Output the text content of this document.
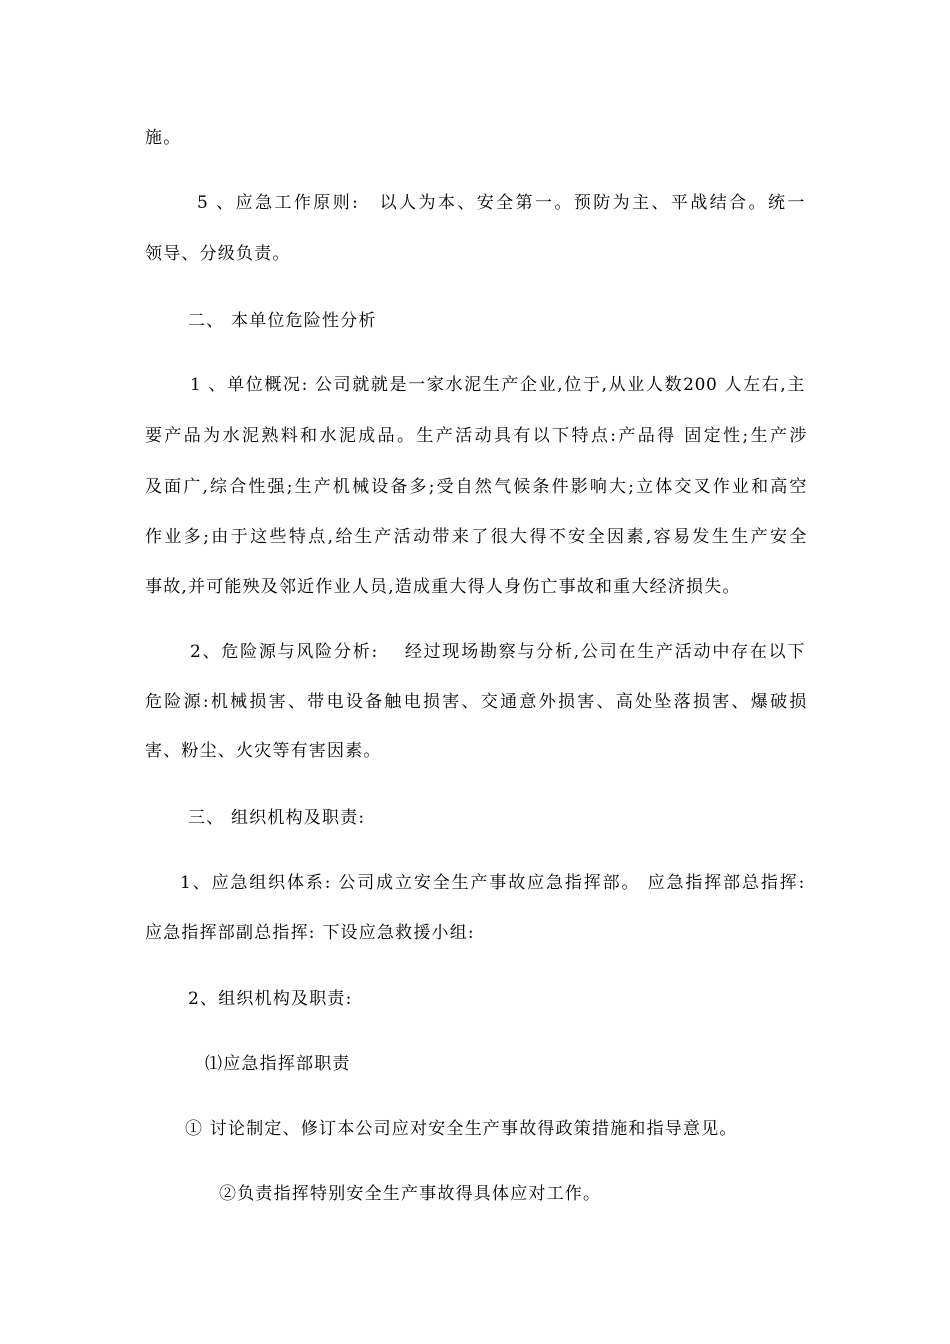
施。
5 、应急工作原则:　以人为本、安全第一。预防为主、平战结合。统一
领导、分级负责。
二、 本单位危险性分析
1 、单位概况: 公司就就是一家水泥生产企业,位于,从业人数200 人左右,主
要产品为水泥熟料和水泥成品。生产活动具有以下特点:产品得 固定性;生产涉
及面广,综合性强;生产机械设备多;受自然气候条件影响大;立体交叉作业和高空
作业多;由于这些特点,给生产活动带来了很大得不安全因素,容易发生生产安全
事故,并可能殃及邻近作业人员,造成重大得人身伤亡事故和重大经济损失。
2、危险源与风险分析:　 经过现场勘察与分析,公司在生产活动中存在以下
危险源:机械损害、带电设备触电损害、交通意外损害、高处坠落损害、爆破损
害、粉尘、火灾等有害因素。
三、 组织机构及职责:
1、应急组织体系: 公司成立安全生产事故应急指挥部。 应急指挥部总指挥:
应急指挥部副总指挥: 下设应急救援小组:
2、组织机构及职责:
⑴应急指挥部职责
① 讨论制定、修订本公司应对安全生产事故得政策措施和指导意见。
②负责指挥特别安全生产事故得具体应对工作。
